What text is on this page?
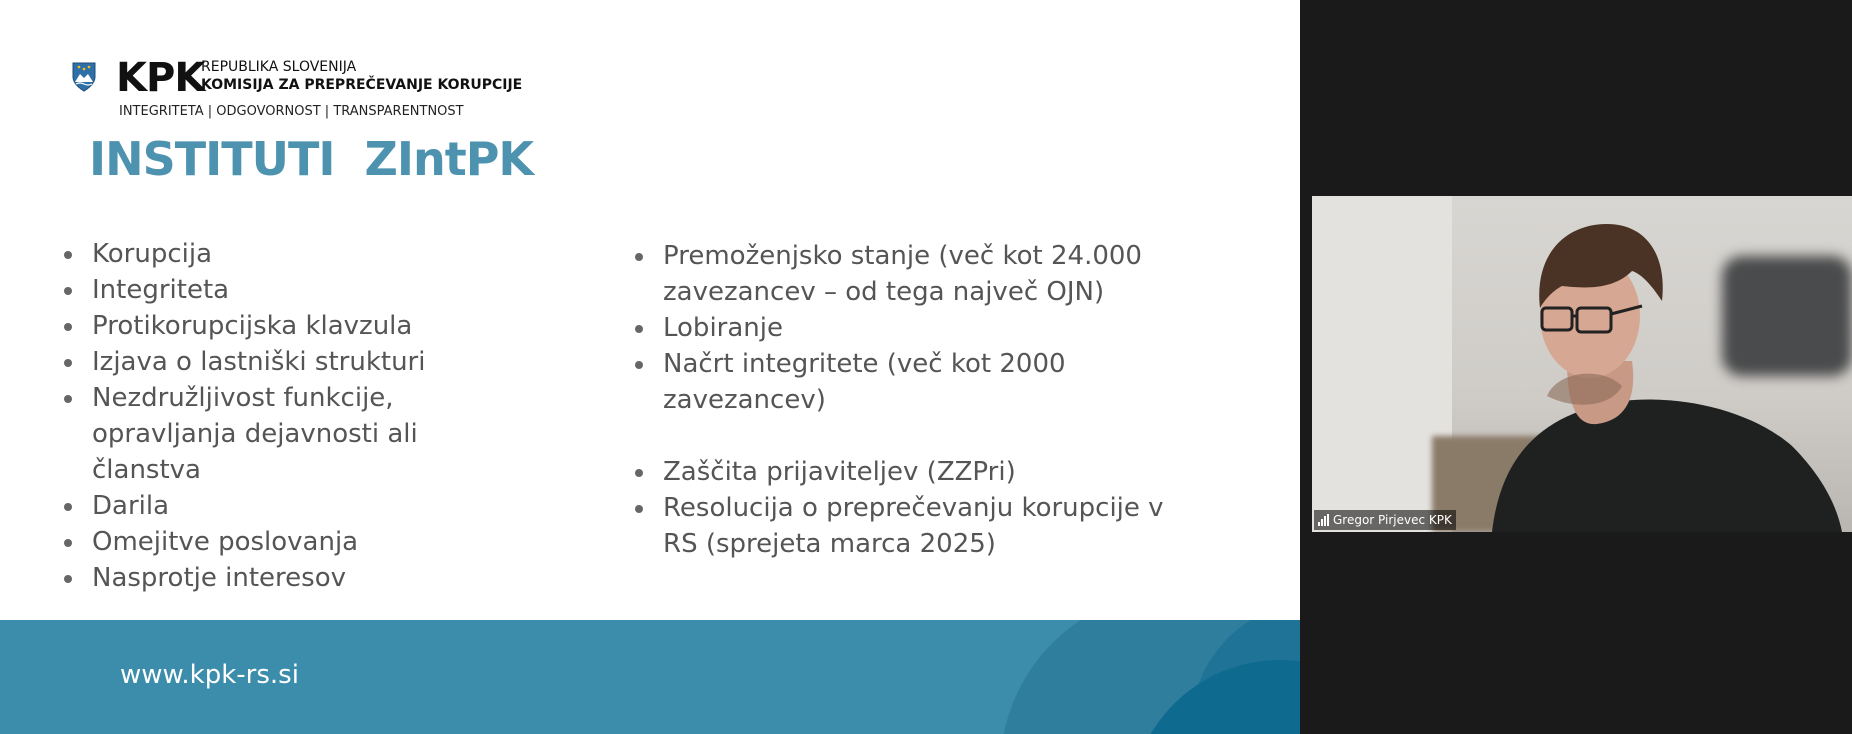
KPK
REPUBLIKA SLOVENIJA
KOMISIJA ZA PREPREČEVANJE KORUPCIJE
INTEGRITETA | ODGOVORNOST | TRANSPARENTNOST
INSTITUTI  ZIntPK
Korupcija
Integriteta
Protikorupcijska klavzula
Izjava o lastniški strukturi
Nezdružljivost funkcije, opravljanja dejavnosti ali članstva
Darila
Omejitve poslovanja
Nasprotje interesov
Premoženjsko stanje (več kot 24.000 zavezancev – od tega največ OJN)
Lobiranje
Načrt integritete (več kot 2000 zavezancev)

Zaščita prijaviteljev (ZZPri)
Resolucija o preprečevanju korupcije v RS (sprejeta marca 2025)
www.kpk-rs.si
Gregor Pirjevec KPK
